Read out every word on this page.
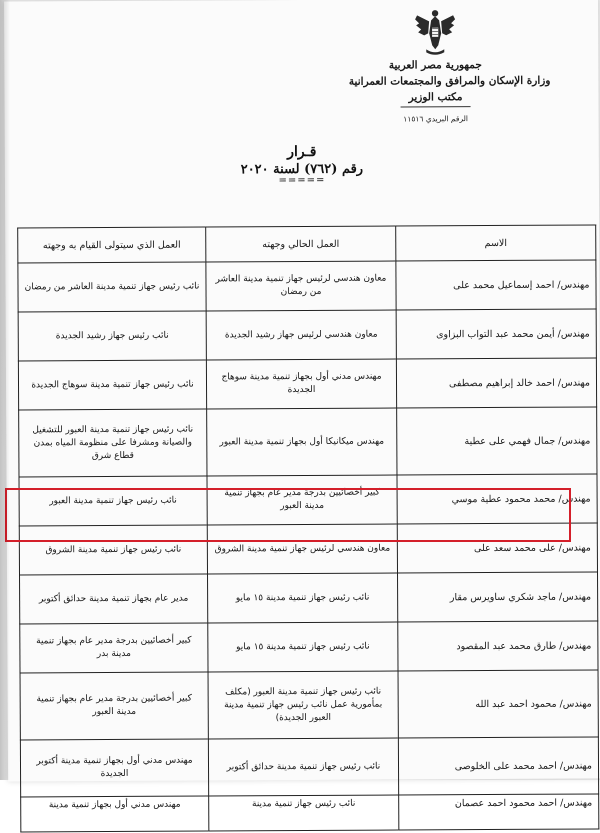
جمهورية مصر العربية
وزارة الإسكان والمرافق والمجتمعات العمرانية
مكتب الوزير
الرقم البريدي ١١٥١٦
قـرار
رقم (٧٦٢) لسنة ٢٠٢٠
=====
الاسم	العمل الحالي وجهته	العمل الذي سيتولى القيام به وجهته
مهندس/ احمد إسماعيل محمد على	معاون هندسي لرئيس جهاز تنمية مدينة العاشر من رمضان	نائب رئيس جهاز تنمية مدينة العاشر من رمضان
مهندس/ أيمن محمد عبد التواب البزاوى	معاون هندسي لرئيس جهاز رشيد الجديدة	نائب رئيس جهاز رشيد الجديدة
مهندس/ احمد خالد إبراهيم مصطفى	مهندس مدني أول بجهاز تنمية مدينة سوهاج الجديدة	نائب رئيس جهاز تنمية مدينة سوهاج الجديدة
مهندس/ جمال فهمي على عطية	مهندس ميكانيكا أول بجهاز تنمية مدينة العبور	نائب رئيس جهاز تنمية مدينة العبور للتشغيل والصيانة ومشرفا على منظومة المياه بمدن قطاع شرق
مهندس/ محمد محمود عطية موسي	كبير أخصائيين بدرجة مدير عام بجهاز تنمية مدينة العبور	نائب رئيس جهاز تنمية مدينة العبور
مهندس/ على محمد سعد على	معاون هندسي لرئيس جهاز تنمية مدينة الشروق	نائب رئيس جهاز تنمية مدينة الشروق
مهندس/ ماجد شكري ساويرس مقار	نائب رئيس جهاز تنمية مدينة ١٥ مايو	مدير عام بجهاز تنمية مدينة حدائق أكتوبر
مهندس/ طارق محمد عبد المقصود	نائب رئيس جهاز تنمية مدينة ١٥ مايو	كبير أخصائيين بدرجة مدير عام بجهاز تنمية مدينة بدر
مهندس/ محمود احمد عبد الله	نائب رئيس جهاز تنمية مدينة العبور (مكلف بمأمورية عمل نائب رئيس جهاز تنمية مدينة العبور الجديدة)	كبير أخصائيين بدرجة مدير عام بجهاز تنمية مدينة العبور
مهندس/ احمد محمد على الخلوصى	نائب رئيس جهاز تنمية مدينة حدائق أكتوبر	مهندس مدني أول بجهاز تنمية مدينة أكتوبر الجديدة
مهندس/ احمد محمود احمد عصمان	نائب رئيس جهاز تنمية مدينة	مهندس مدني أول بجهاز تنمية مدينة
